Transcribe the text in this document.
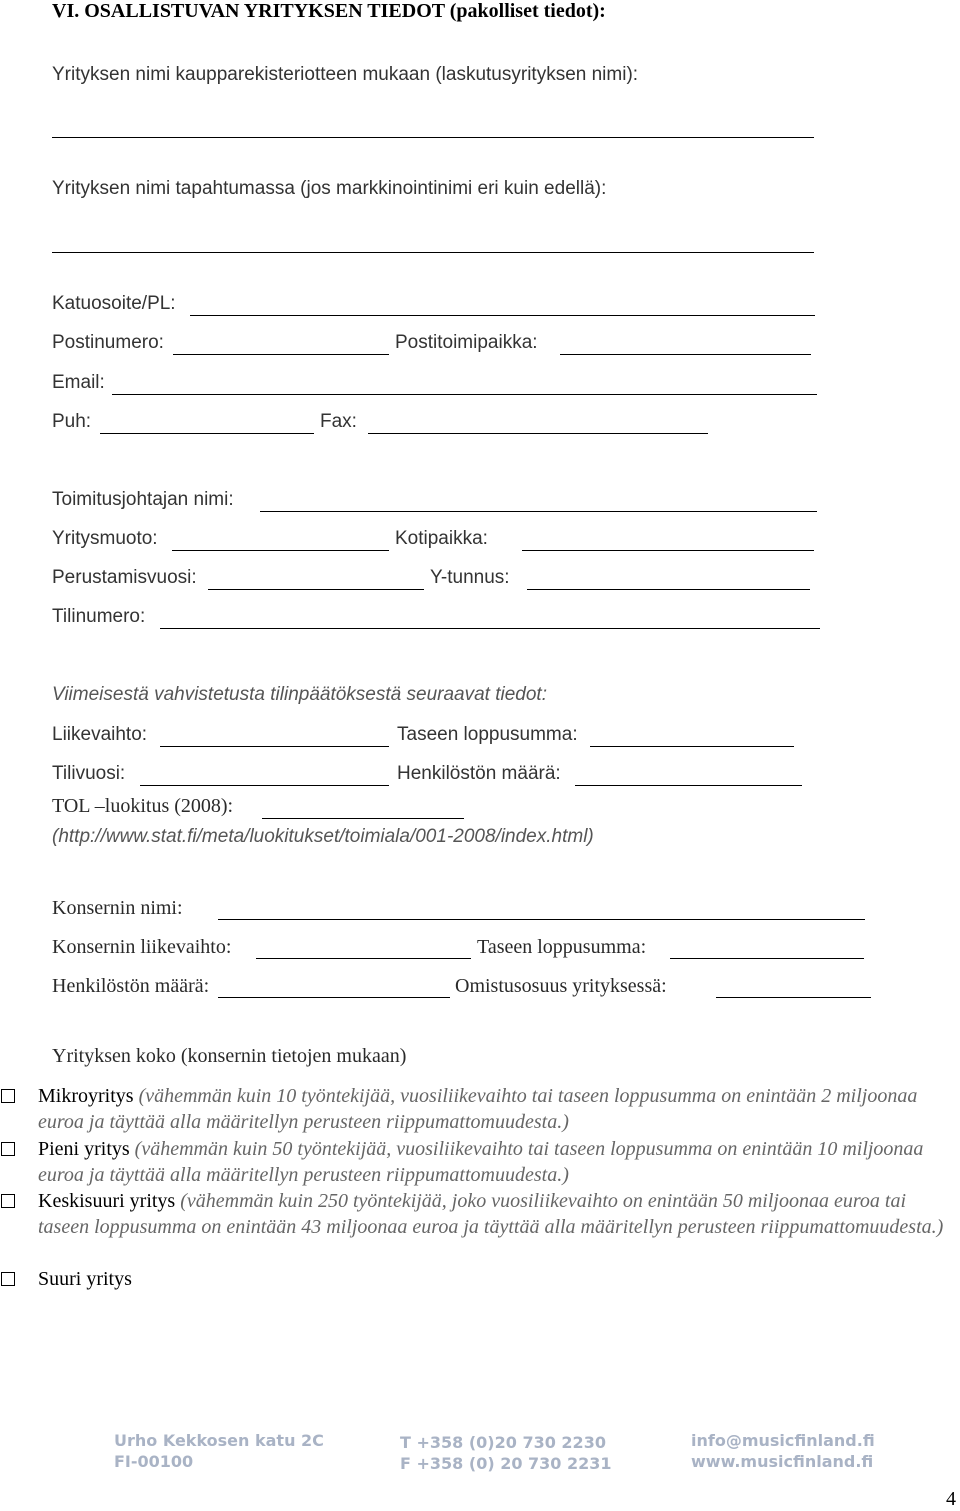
VI. OSALLISTUVAN YRITYKSEN TIEDOT (pakolliset tiedot):
Yrityksen nimi kaupparekisteriotteen mukaan (laskutusyrityksen nimi):
Yrityksen nimi tapahtumassa (jos markkinointinimi eri kuin edellä):
Katuosoite/PL:
Postinumero:	Postitoimipaikka:
Email:
Puh:	Fax:
Toimitusjohtajan nimi:
Yritysmuoto:	Kotipaikka:
Perustamisvuosi:	Y-tunnus:
Tilinumero:
Viimeisestä vahvistetusta tilinpäätöksestä seuraavat tiedot:
Liikevaihto:	Taseen loppusumma:
Tilivuosi:	Henkilöstön määrä:
TOL –luokitus (2008):
(http://www.stat.fi/meta/luokitukset/toimiala/001-2008/index.html)
Konsernin nimi:
Konsernin liikevaihto:	Taseen loppusumma:
Henkilöstön määrä:	Omistusosuus yrityksessä:
Yrityksen koko (konsernin tietojen mukaan)
Mikroyritys (vähemmän kuin 10 työntekijää, vuosiliikevaihto tai taseen loppusumma on enintään 2 miljoonaa euroa ja täyttää alla määritellyn perusteen riippumattomuudesta.)
Pieni yritys (vähemmän kuin 50 työntekijää, vuosiliikevaihto tai taseen loppusumma on enintään 10 miljoonaa euroa ja täyttää alla määritellyn perusteen riippumattomuudesta.)
Keskisuuri yritys (vähemmän kuin 250 työntekijää, joko vuosiliikevaihto on enintään 50 miljoonaa euroa tai taseen loppusumma on enintään 43 miljoonaa euroa ja täyttää alla määritellyn perusteen riippumattomuudesta.)
Suuri yritys
Urho Kekkosen katu 2C
FI-00100
T +358 (0)20 730 2230
F +358 (0) 20 730 2231
info@musicfinland.fi
www.musicfinland.fi
4
